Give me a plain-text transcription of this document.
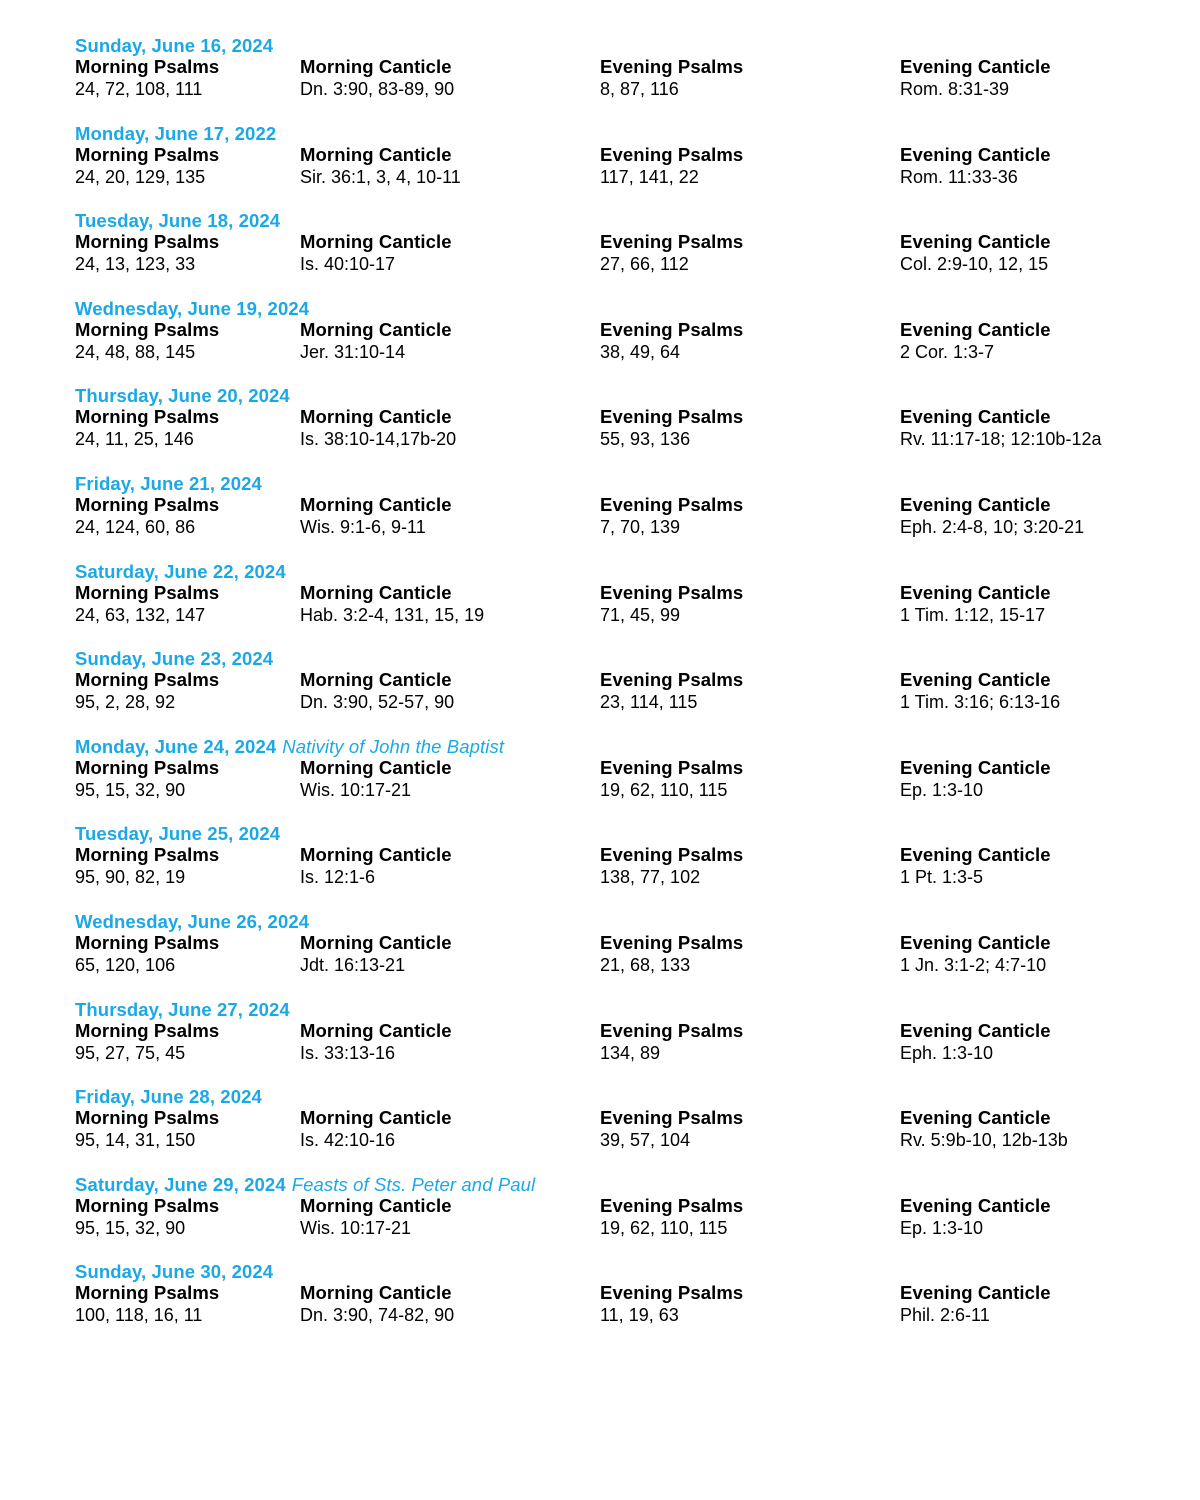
Sunday, June 16, 2024
Morning Psalms	Morning Canticle	Evening Psalms	Evening Canticle
24, 72, 108, 111	Dn. 3:90, 83-89, 90	8, 87, 116	Rom. 8:31-39
Monday, June 17, 2022
Morning Psalms	Morning Canticle	Evening Psalms	Evening Canticle
24, 20, 129, 135	Sir. 36:1, 3, 4, 10-11	117, 141, 22	Rom. 11:33-36
Tuesday, June 18, 2024
Morning Psalms	Morning Canticle	Evening Psalms	Evening Canticle
24, 13, 123, 33	Is. 40:10-17	27, 66, 112	Col. 2:9-10, 12, 15
Wednesday, June 19, 2024
Morning Psalms	Morning Canticle	Evening Psalms	Evening Canticle
24, 48, 88, 145	Jer. 31:10-14	38, 49, 64	2 Cor. 1:3-7
Thursday, June 20, 2024
Morning Psalms	Morning Canticle	Evening Psalms	Evening Canticle
24, 11, 25, 146	Is. 38:10-14,17b-20	55, 93, 136	Rv. 11:17-18; 12:10b-12a
Friday, June 21, 2024
Morning Psalms	Morning Canticle	Evening Psalms	Evening Canticle
24, 124, 60, 86	Wis. 9:1-6, 9-11	7, 70, 139	Eph. 2:4-8, 10; 3:20-21
Saturday, June 22, 2024
Morning Psalms	Morning Canticle	Evening Psalms	Evening Canticle
24, 63, 132, 147	Hab. 3:2-4, 131, 15, 19	71, 45, 99	1 Tim. 1:12, 15-17
Sunday, June 23, 2024
Morning Psalms	Morning Canticle	Evening Psalms	Evening Canticle
95, 2, 28, 92	Dn. 3:90, 52-57, 90	23, 114, 115	1 Tim. 3:16; 6:13-16
Monday, June 24, 2024 Nativity of John the Baptist
Morning Psalms	Morning Canticle	Evening Psalms	Evening Canticle
95, 15, 32, 90	Wis. 10:17-21	19, 62, 110, 115	Ep. 1:3-10
Tuesday, June 25, 2024
Morning Psalms	Morning Canticle	Evening Psalms	Evening Canticle
95, 90, 82, 19	Is. 12:1-6	138, 77, 102	1 Pt. 1:3-5
Wednesday, June 26, 2024
Morning Psalms	Morning Canticle	Evening Psalms	Evening Canticle
65, 120, 106	Jdt. 16:13-21	21, 68, 133	1 Jn. 3:1-2; 4:7-10
Thursday, June 27, 2024
Morning Psalms	Morning Canticle	Evening Psalms	Evening Canticle
95, 27, 75, 45	Is. 33:13-16	134, 89	Eph. 1:3-10
Friday, June 28, 2024
Morning Psalms	Morning Canticle	Evening Psalms	Evening Canticle
95, 14, 31, 150	Is. 42:10-16	39, 57, 104	Rv. 5:9b-10, 12b-13b
Saturday, June 29, 2024 Feasts of Sts. Peter and Paul
Morning Psalms	Morning Canticle	Evening Psalms	Evening Canticle
95, 15, 32, 90	Wis. 10:17-21	19, 62, 110, 115	Ep. 1:3-10
Sunday, June 30, 2024
Morning Psalms	Morning Canticle	Evening Psalms	Evening Canticle
100, 118, 16, 11	Dn. 3:90, 74-82, 90	11, 19, 63	Phil. 2:6-11
